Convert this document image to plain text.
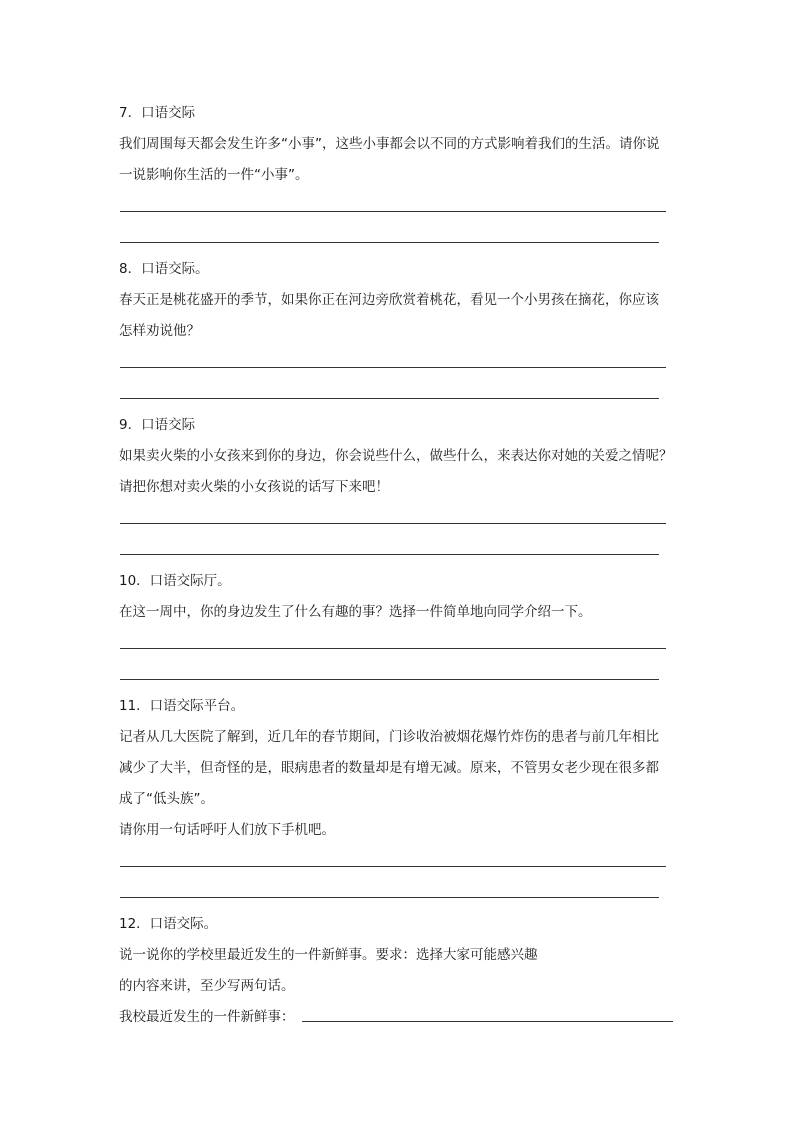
7．口语交际
我们周围每天都会发生许多“小事”，这些小事都会以不同的方式影响着我们的生活。请你说
一说影响你生活的一件“小事”。
8．口语交际。
春天正是桃花盛开的季节，如果你正在河边旁欣赏着桃花，看见一个小男孩在摘花，你应该
怎样劝说他？
9．口语交际
如果卖火柴的小女孩来到你的身边，你会说些什么，做些什么，来表达你对她的关爱之情呢？
请把你想对卖火柴的小女孩说的话写下来吧！
10．口语交际厅。
在这一周中，你的身边发生了什么有趣的事？选择一件简单地向同学介绍一下。
11．口语交际平台。
记者从几大医院了解到，近几年的春节期间，门诊收治被烟花爆竹炸伤的患者与前几年相比
减少了大半，但奇怪的是，眼病患者的数量却是有增无减。原来，不管男女老少现在很多都
成了“低头族”。
请你用一句话呼吁人们放下手机吧。
12．口语交际。
说一说你的学校里最近发生的一件新鲜事。要求：选择大家可能感兴趣
的内容来讲，至少写两句话。
我校最近发生的一件新鲜事：
